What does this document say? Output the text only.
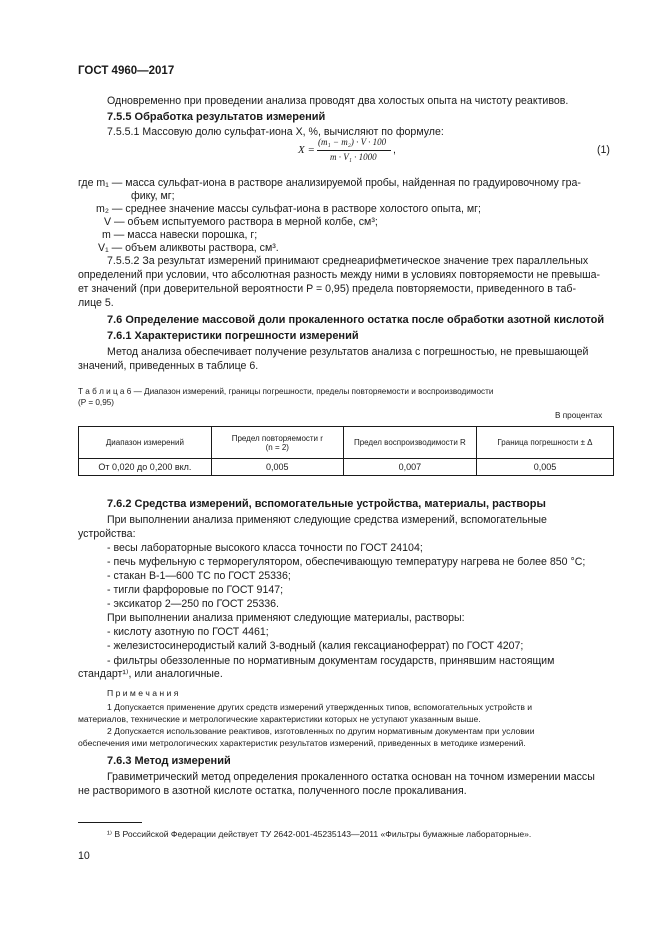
ГОСТ 4960—2017
Одновременно при проведении анализа проводят два холостых опыта на чистоту реактивов.
7.5.5 Обработка результатов измерений
7.5.5.1 Массовую долю сульфат-иона X, %, вычисляют по формуле:
X =
(m₁ − m₂) · V · 100
m · V₁ · 1000
,	(1)
где m₁ — масса сульфат-иона в растворе анализируемой пробы, найденная по градуировочному гра-
фику, мг;
m₂ — среднее значение массы сульфат-иона в растворе холостого опыта, мг;
V — объем испытуемого раствора в мерной колбе, см³;
m — масса навески порошка, г;
V₁ — объем аликвоты раствора, см³.
7.5.5.2 За результат измерений принимают среднеарифметическое значение трех параллельных
определений при условии, что абсолютная разность между ними в условиях повторяемости не превыша-
ет значений (при доверительной вероятности P = 0,95) предела повторяемости, приведенного в таб-
лице 5.
7.6 Определение массовой доли прокаленного остатка после обработки азотной кислотой
7.6.1 Характеристики погрешности измерений
Метод анализа обеспечивает получение результатов анализа с погрешностью, не превышающей
значений, приведенных в таблице 6.
Т а б л и ц а 6 — Диапазон измерений, границы погрешности, пределы повторяемости и воспроизводимости
(P = 0,95)
В процентах
Диапазон измерений	Предел повторяемости r
(n = 2)	Предел воспроизводимости R	Граница погрешности ± Δ
От 0,020 до 0,200 вкл.	0,005	0,007	0,005
7.6.2 Средства измерений, вспомогательные устройства, материалы, растворы
При выполнении анализа применяют следующие средства измерений, вспомогательные
устройства:
- весы лабораторные высокого класса точности по ГОСТ 24104;
- печь муфельную с терморегулятором, обеспечивающую температуру нагрева не более 850 °С;
- стакан В-1—600 ТС по ГОСТ 25336;
- тигли фарфоровые по ГОСТ 9147;
- эксикатор 2—250 по ГОСТ 25336.
При выполнении анализа применяют следующие материалы, растворы:
- кислоту азотную по ГОСТ 4461;
- железистосинеродистый калий 3-водный (калия гексацианоферрат) по ГОСТ 4207;
- фильтры обеззоленные по нормативным документам государств, принявшим настоящим
стандарт¹⁾, или аналогичные.
П р и м е ч а н и я
1 Допускается применение других средств измерений утвержденных типов, вспомогательных устройств и
материалов, технические и метрологические характеристики которых не уступают указанным выше.
2 Допускается использование реактивов, изготовленных по другим нормативным документам при условии
обеспечения ими метрологических характеристик результатов измерений, приведенных в методике измерений.
7.6.3 Метод измерений
Гравиметрический метод определения прокаленного остатка основан на точном измерении массы
не растворимого в азотной кислоте остатка, полученного после прокаливания.
¹⁾ В Российской Федерации действует ТУ 2642-001-45235143—2011 «Фильтры бумажные лабораторные».
10
